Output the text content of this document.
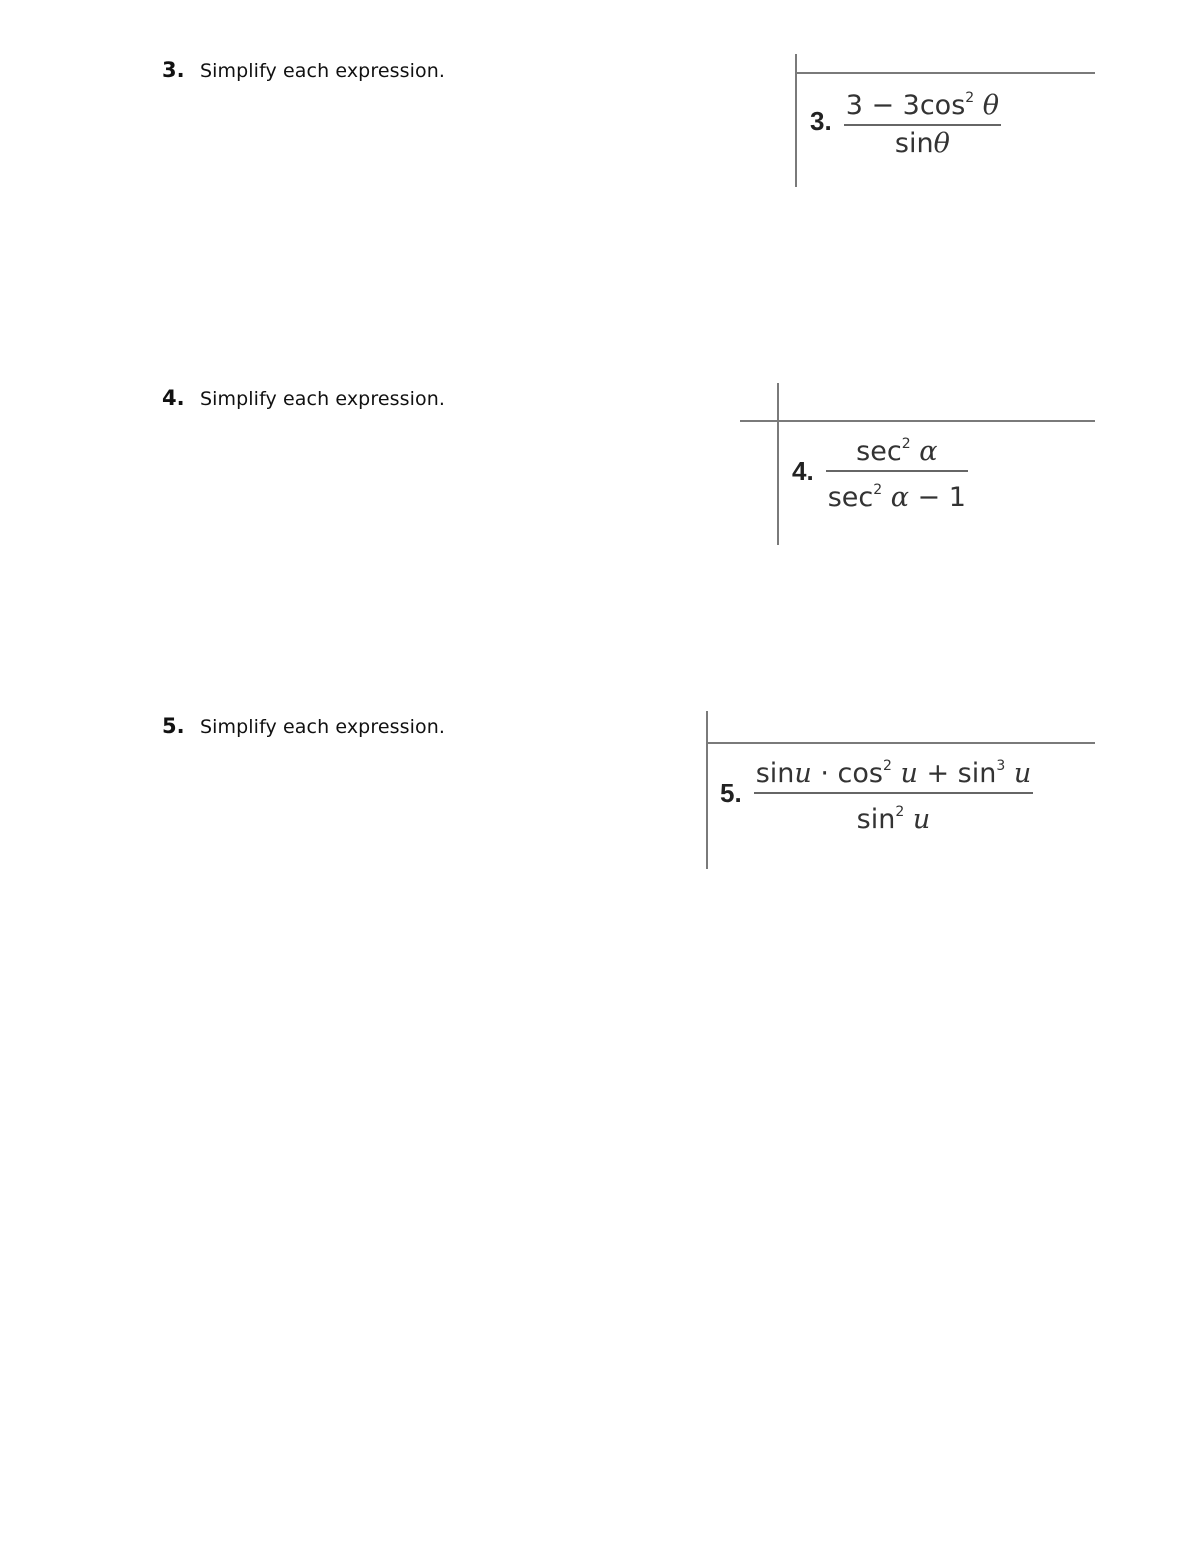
3. Simplify each expression.
3. $\frac{3 - 3\cos^2 \theta}{\sin\theta}$
4. Simplify each expression.
4. $\frac{\sec^2 \alpha}{\sec^2 \alpha - 1}$
5. Simplify each expression.
5. $\frac{\sin u \cdot \cos^2 u + \sin^3 u}{\sin^2 u}$
